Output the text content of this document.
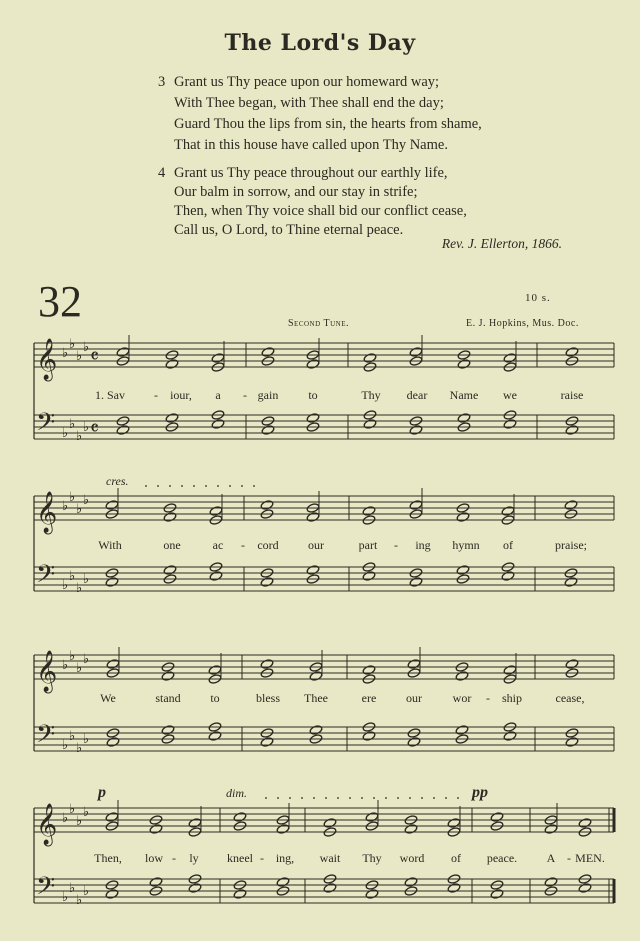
The Lord's Day
3 Grant us Thy peace upon our homeward way;
With Thee began, with Thee shall end the day;
Guard Thou the lips from sin, the hearts from shame,
That in this house have called upon Thy Name.
4 Grant us Thy peace throughout our earthly life,
Our balm in sorrow, and our stay in strife;
Then, when Thy voice shall bid our conflict cease,
Call us, O Lord, to Thine eternal peace.
Rev. J. Ellerton, 1866.
32	10 s.
Second Tune.	E. J. Hopkins, Mus. Doc.
𝄞
𝄢
♭
♭
♭
♭
♭
♭
♭
♭
𝄴
𝄴
𝄞
𝄢
♭
♭
♭
♭
♭
♭
♭
♭
𝄞
𝄢
♭
♭
♭
♭
♭
♭
♭
♭
𝄞
𝄢
♭
♭
♭
♭
♭
♭
♭
♭
1. Sav - iour, a - gain to	Thy dear Name we	raise
With	one	ac - cord our	part - ing hymn of	praise;
We	stand to	bless Thee	ere our	wor - ship	cease,
Then, low - ly kneel - ing, wait Thy word of peace. A - MEN.
cres.
p	dim.	pp
